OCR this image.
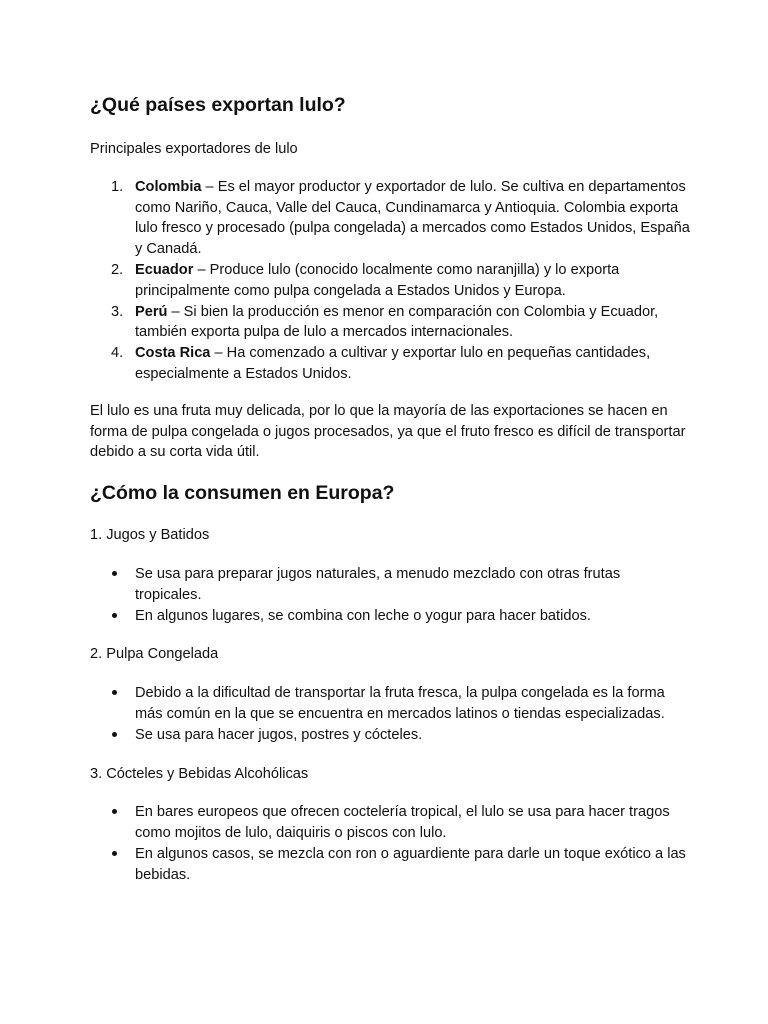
¿Qué países exportan lulo?

Principales exportadores de lulo

1. Colombia – Es el mayor productor y exportador de lulo. Se cultiva en departamentos como Nariño, Cauca, Valle del Cauca, Cundinamarca y Antioquia. Colombia exporta lulo fresco y procesado (pulpa congelada) a mercados como Estados Unidos, España y Canadá.
2. Ecuador – Produce lulo (conocido localmente como naranjilla) y lo exporta principalmente como pulpa congelada a Estados Unidos y Europa.
3. Perú – Si bien la producción es menor en comparación con Colombia y Ecuador, también exporta pulpa de lulo a mercados internacionales.
4. Costa Rica – Ha comenzado a cultivar y exportar lulo en pequeñas cantidades, especialmente a Estados Unidos.

El lulo es una fruta muy delicada, por lo que la mayoría de las exportaciones se hacen en forma de pulpa congelada o jugos procesados, ya que el fruto fresco es difícil de transportar debido a su corta vida útil.

¿Cómo la consumen en Europa?

1. Jugos y Batidos

Se usa para preparar jugos naturales, a menudo mezclado con otras frutas tropicales.
En algunos lugares, se combina con leche o yogur para hacer batidos.

2. Pulpa Congelada

Debido a la dificultad de transportar la fruta fresca, la pulpa congelada es la forma más común en la que se encuentra en mercados latinos o tiendas especializadas.
Se usa para hacer jugos, postres y cócteles.

3. Cócteles y Bebidas Alcohólicas

En bares europeos que ofrecen coctelería tropical, el lulo se usa para hacer tragos como mojitos de lulo, daiquiris o piscos con lulo.
En algunos casos, se mezcla con ron o aguardiente para darle un toque exótico a las bebidas.
